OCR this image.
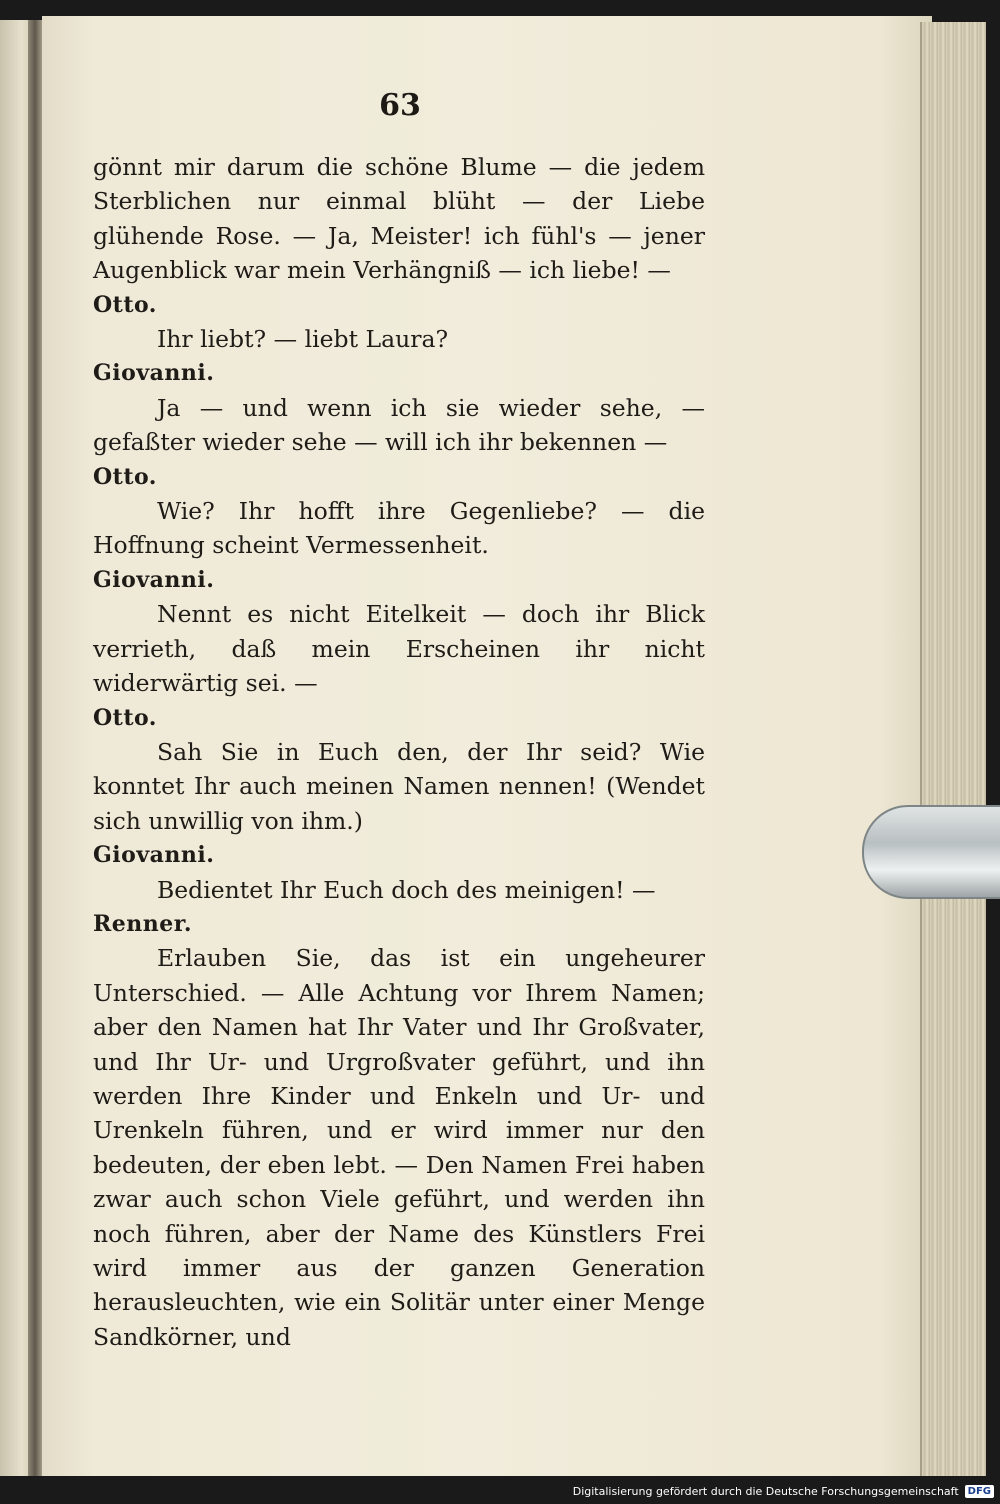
63

gönnt mir darum die schöne Blume — die jedem Sterblichen nur einmal blüht — der Liebe glühende Rose. — Ja, Meister! ich fühl's — jener Augenblick war mein Verhängniß — ich liebe! —

Otto.

Ihr liebt? — liebt Laura?

Giovanni.

Ja — und wenn ich sie wieder sehe, — gefaßter wieder sehe — will ich ihr bekennen —

Otto.

Wie? Ihr hofft ihre Gegenliebe? — die Hoffnung scheint Vermessenheit.

Giovanni.

Nennt es nicht Eitelkeit — doch ihr Blick verrieth, daß mein Erscheinen ihr nicht widerwärtig sei. —

Otto.

Sah Sie in Euch den, der Ihr seid? Wie konntet Ihr auch meinen Namen nennen! (Wendet sich unwillig von ihm.)

Giovanni.

Bedientet Ihr Euch doch des meinigen! —

Renner.

Erlauben Sie, das ist ein ungeheurer Unterschied. — Alle Achtung vor Ihrem Namen; aber den Namen hat Ihr Vater und Ihr Großvater, und Ihr Ur- und Urgroßvater geführt, und ihn werden Ihre Kinder und Enkeln und Ur- und Urenkeln führen, und er wird immer nur den bedeuten, der eben lebt. — Den Namen Frei haben zwar auch schon Viele geführt, und werden ihn noch führen, aber der Name des Künstlers Frei wird immer aus der ganzen Generation herausleuchten, wie ein Solitär unter einer Menge Sandkörner, und

Digitalisierung gefördert durch die Deutsche Forschungsgemeinschaft DFG
